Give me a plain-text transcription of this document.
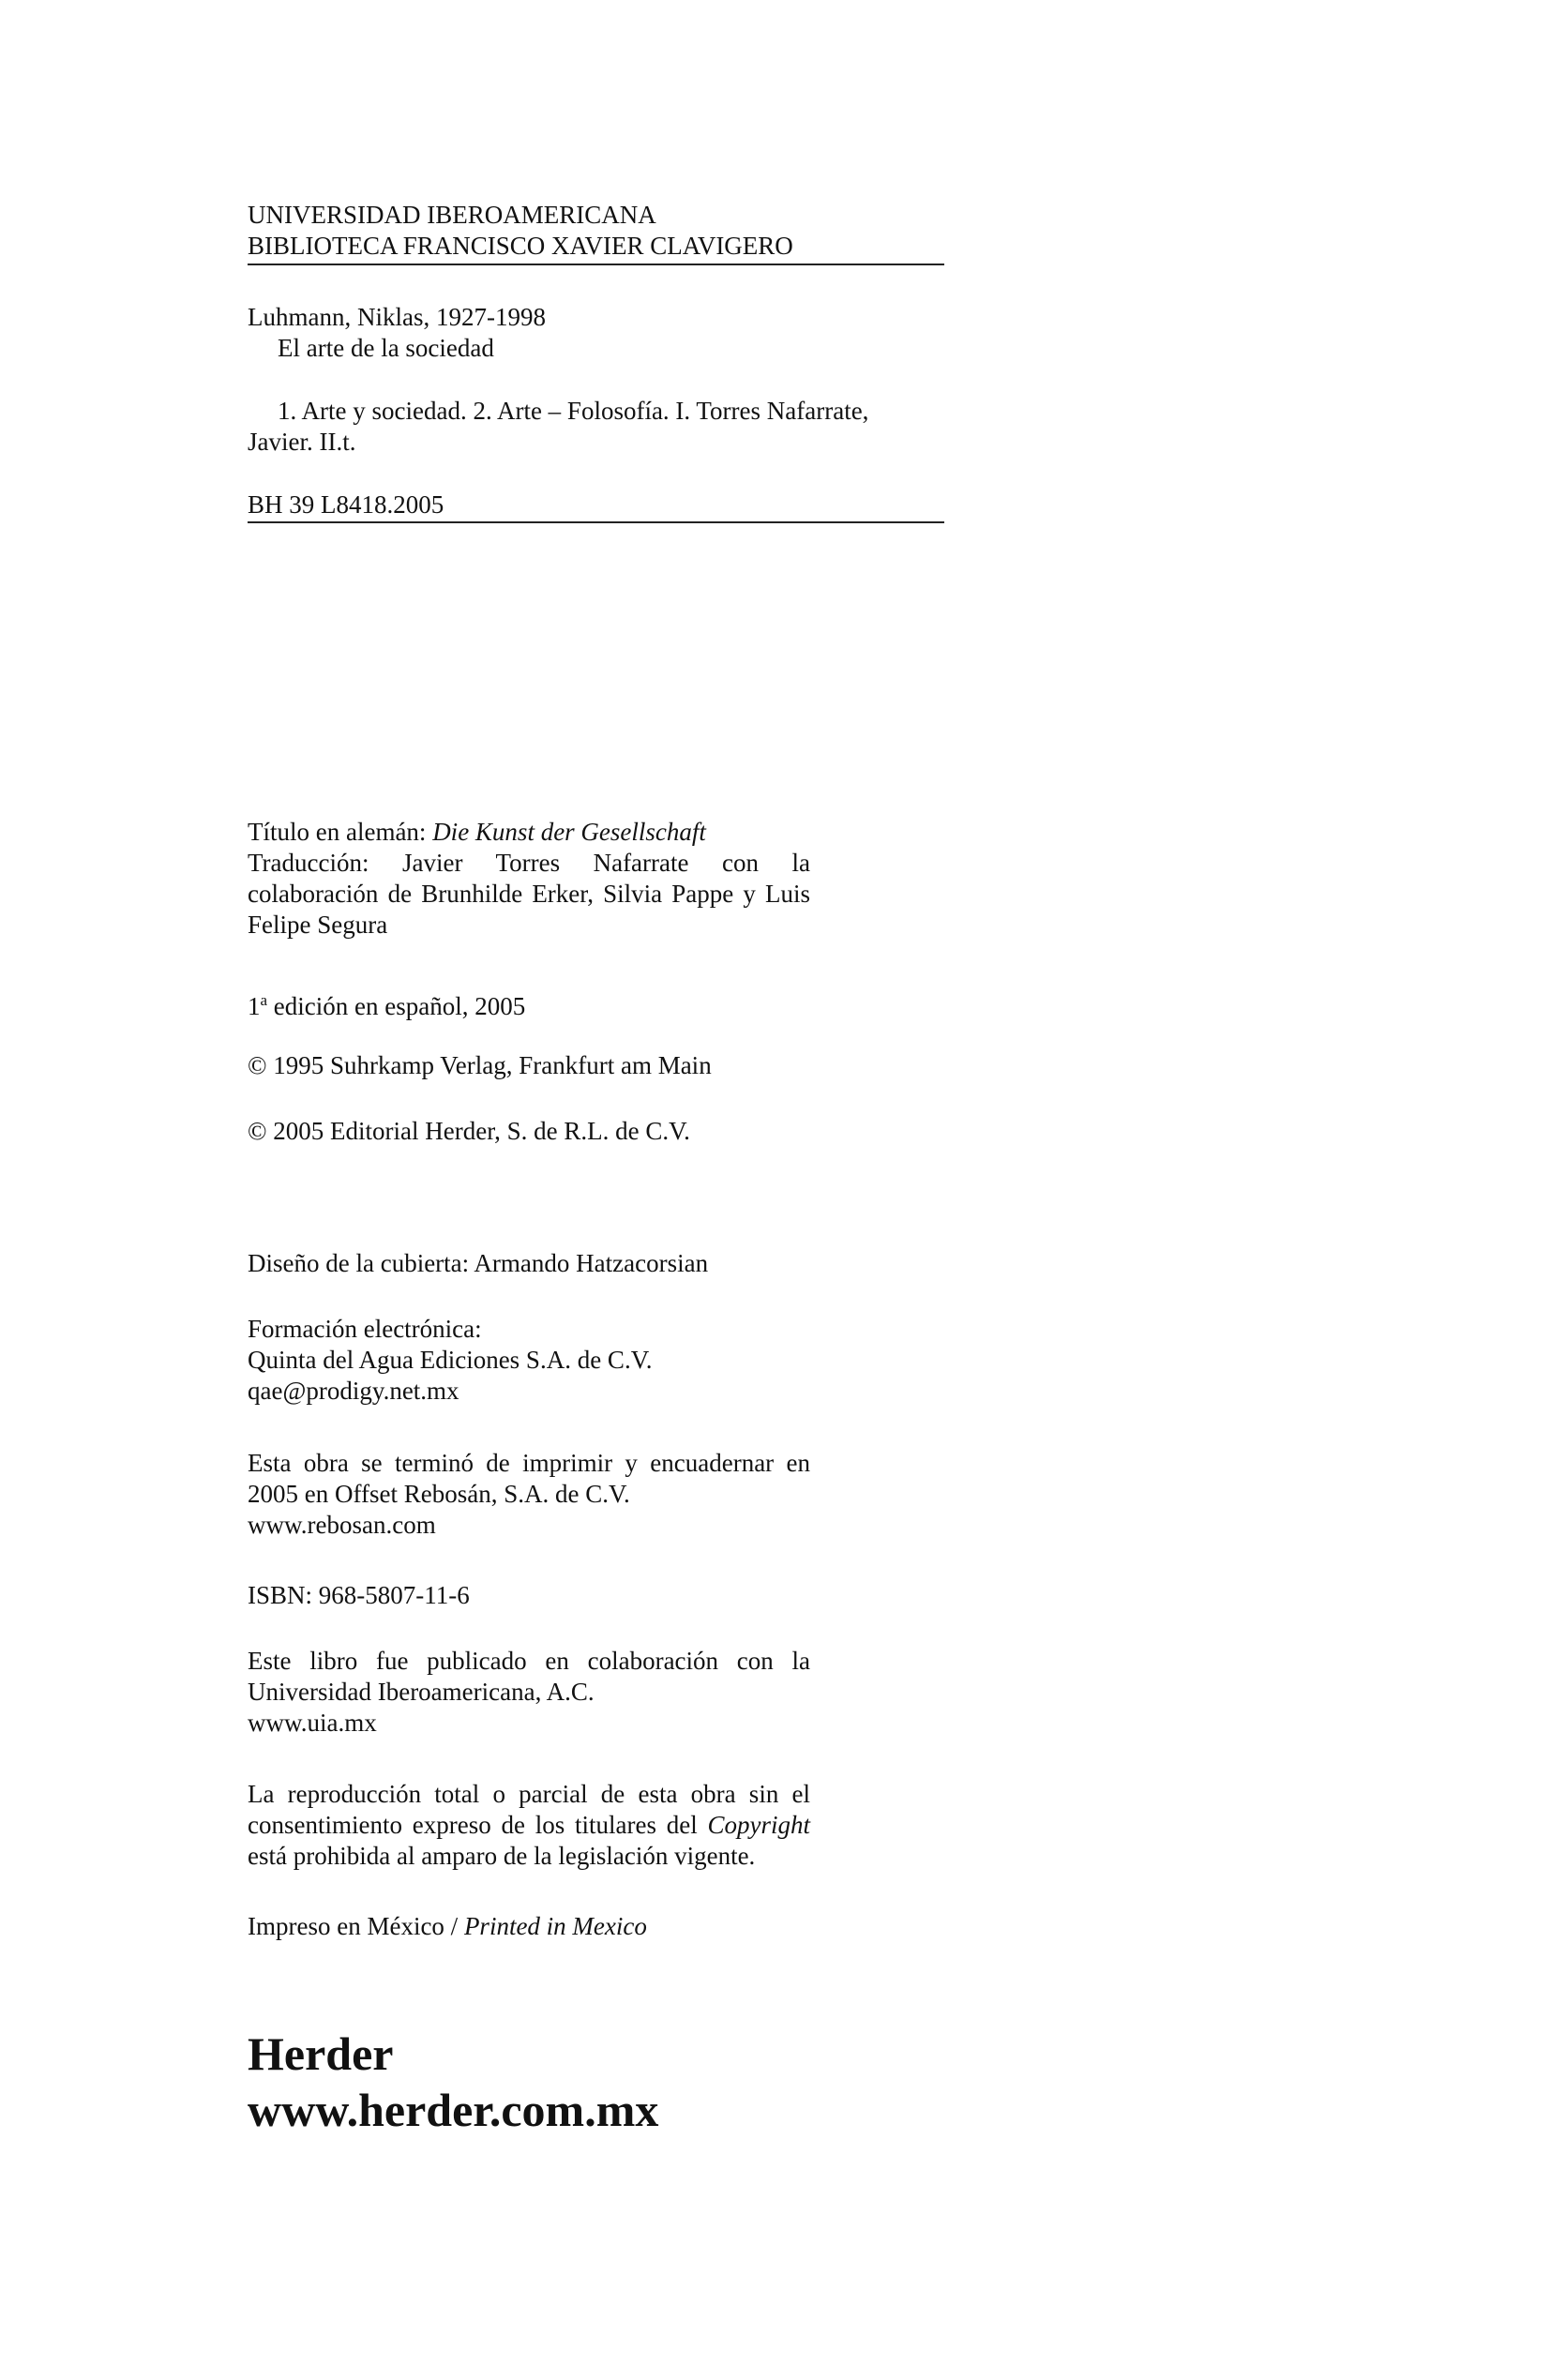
UNIVERSIDAD IBEROAMERICANA

BIBLIOTECA FRANCISCO XAVIER CLAVIGERO

Luhmann, Niklas, 1927-1998

El arte de la sociedad

1. Arte y sociedad. 2. Arte – Folosofía. I. Torres Nafarrate,

Javier. II.t.

BH 39 L8418.2005

Título en alemán: Die Kunst der Gesellschaft

Traducción: Javier Torres Nafarrate con la colaboración de Brunhilde Erker, Silvia Pappe y Luis Felipe Segura

1$^a$ edición en español, 2005
© 1995 Suhrkamp Verlag, Frankfurt am Main
© 2005 Editorial Herder, S. de R.L. de C.V.
Diseño de la cubierta: Armando Hatzacorsian

Formación electrónica:

Quinta del Agua Ediciones S.A. de C.V.

qae@prodigy.net.mx

Esta obra se terminó de imprimir y encuadernar en 2005 en Offset Rebosán, S.A. de C.V.

www.rebosan.com

ISBN: 968-5807-11-6

Este libro fue publicado en colaboración con la Universidad Iberoamericana, A.C.

www.uia.mx

La reproducción total o parcial de esta obra sin el consentimiento expreso de los titulares del Copyright está prohibida al amparo de la legislación vigente.

Impreso en México / Printed in Mexico

Herder

www.herder.com.mx
